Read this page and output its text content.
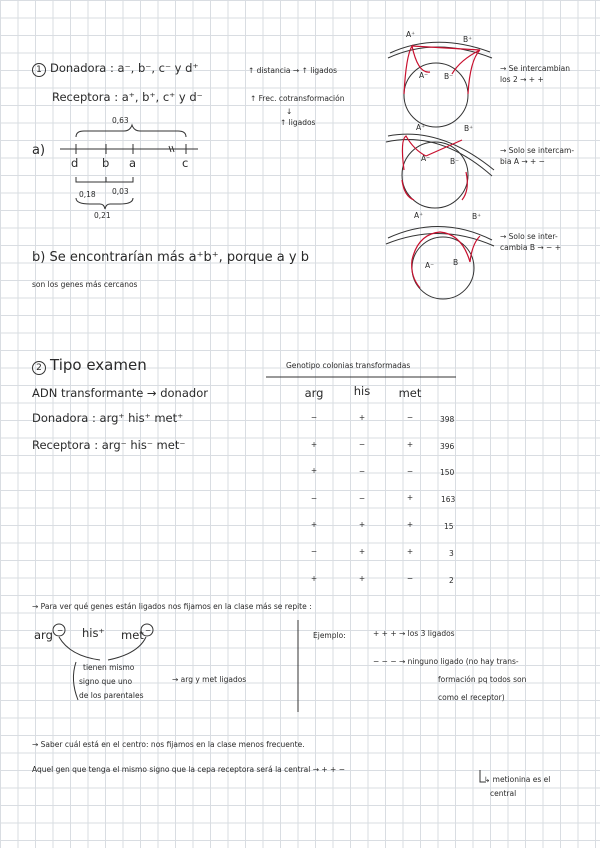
1 Donadora : a⁻, b⁻, c⁻ y d⁺
Receptora : a⁺, b⁺, c⁺ y d⁻
↑ distancia → ↑ ligados
↑ Frec. cotransformación
↓
↑ ligados
a)
0,63
d b a	c
0,18 0,03
0,21
b) Se encontrarían más a⁺b⁺, porque a y b
son los genes más cercanos
A⁺
B⁺
A⁻ B⁻
→ Se intercambian
los 2 → + +
A⁺	B⁺
A⁻	B⁻
→ Solo se intercam-
bia A → + −
A⁺	B⁺
A⁻	B
→ Solo se inter-
cambia B → − +
2 Tipo examen
ADN transformante → donador
Donadora : arg⁺ his⁺ met⁺
Receptora : arg⁻ his⁻ met⁻
Genotipo colonias transformadas
arg	his	met
−	+	−	398
+	−	+	396
+	−	−	150
−	−	+	163
+	+	+	15
−	+	+	3
+	+	−	2
→ Para ver qué genes están ligados nos fijamos en la clase más se repite :
arg − his⁺ met −
tienen mismo
signo que uno
de los parentales
→ arg y met ligados
Ejemplo:	+ + + → los 3 ligados
− − − → ninguno ligado (no hay trans-
formación pq todos son
como el receptor)
→ Saber cuál está en el centro: nos fijamos en la clase menos frecuente.
Aquel gen que tenga el mismo signo que la cepa receptora será la central → + + −
↳ metionina es el
central
